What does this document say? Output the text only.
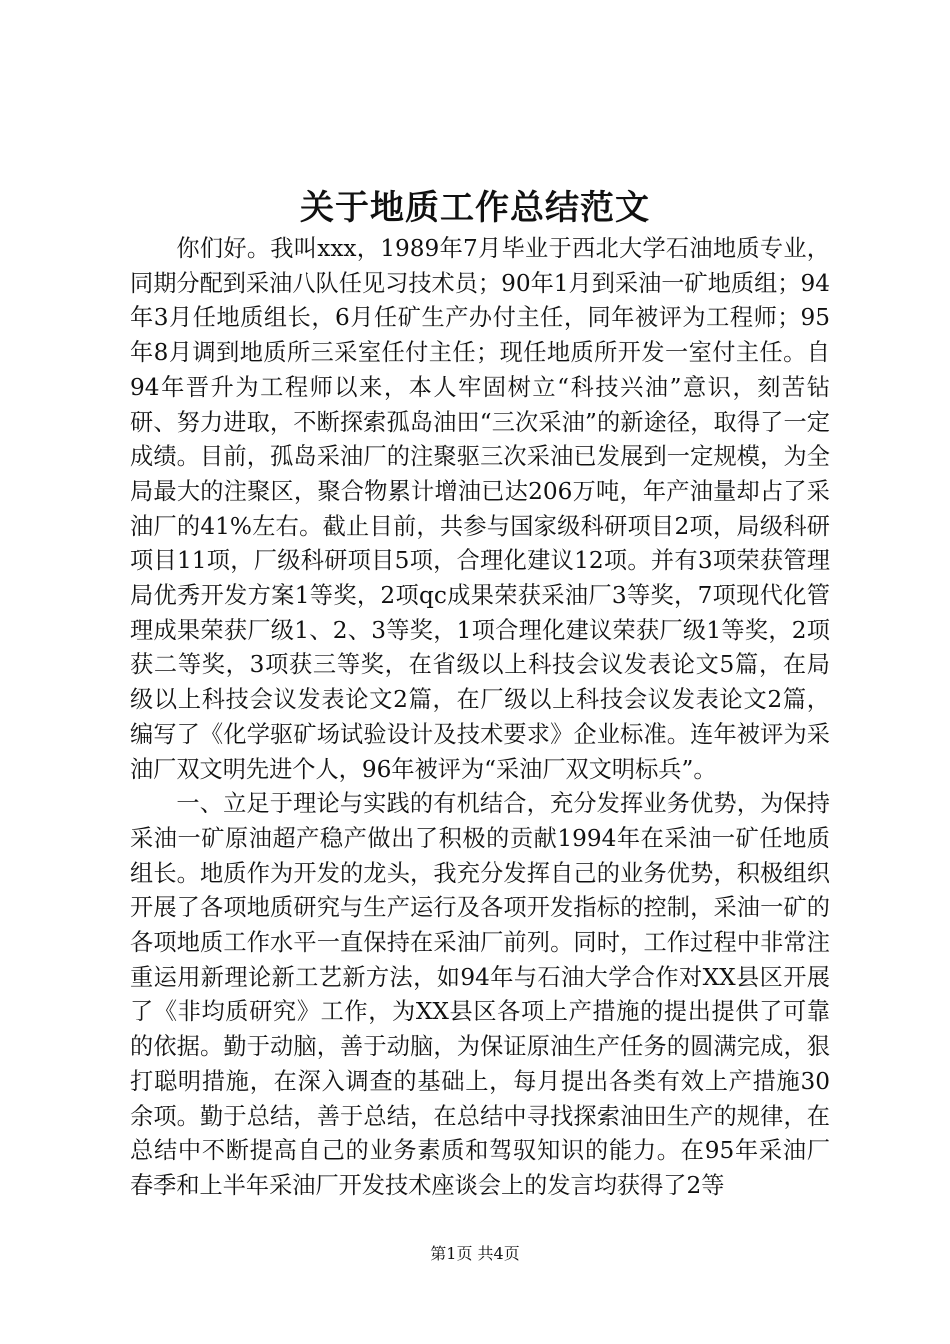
关于地质工作总结范文

你们好。我叫xxx，1989年7月毕业于西北大学石油地质专业，同期分配到采油八队任见习技术员；90年1月到采油一矿地质组；94年3月任地质组长，6月任矿生产办付主任，同年被评为工程师；95年8月调到地质所三采室任付主任；现任地质所开发一室付主任。自94年晋升为工程师以来，本人牢固树立“科技兴油”意识，刻苦钻研、努力进取，不断探索孤岛油田“三次采油”的新途径，取得了一定成绩。目前，孤岛采油厂的注聚驱三次采油已发展到一定规模，为全局最大的注聚区，聚合物累计增油已达206万吨，年产油量却占了采油厂的41%左右。截止目前，共参与国家级科研项目2项，局级科研项目11项，厂级科研项目5项，合理化建议12项。并有3项荣获管理局优秀开发方案1等奖，2项qc成果荣获采油厂3等奖，7项现代化管理成果荣获厂级1、2、3等奖，1项合理化建议荣获厂级1等奖，2项获二等奖，3项获三等奖，在省级以上科技会议发表论文5篇，在局级以上科技会议发表论文2篇，在厂级以上科技会议发表论文2篇，编写了《化学驱矿场试验设计及技术要求》企业标准。连年被评为采油厂双文明先进个人，96年被评为“采油厂双文明标兵”。

一、立足于理论与实践的有机结合，充分发挥业务优势，为保持采油一矿原油超产稳产做出了积极的贡献1994年在采油一矿任地质组长。地质作为开发的龙头，我充分发挥自己的业务优势，积极组织开展了各项地质研究与生产运行及各项开发指标的控制，采油一矿的各项地质工作水平一直保持在采油厂前列。同时，工作过程中非常注重运用新理论新工艺新方法，如94年与石油大学合作对XX县区开展了《非均质研究》工作，为XX县区各项上产措施的提出提供了可靠的依据。勤于动脑，善于动脑，为保证原油生产任务的圆满完成，狠打聪明措施，在深入调查的基础上，每月提出各类有效上产措施30余项。勤于总结，善于总结，在总结中寻找探索油田生产的规律，在总结中不断提高自己的业务素质和驾驭知识的能力。在95年采油厂春季和上半年采油厂开发技术座谈会上的发言均获得了2等

第1页 共4页
